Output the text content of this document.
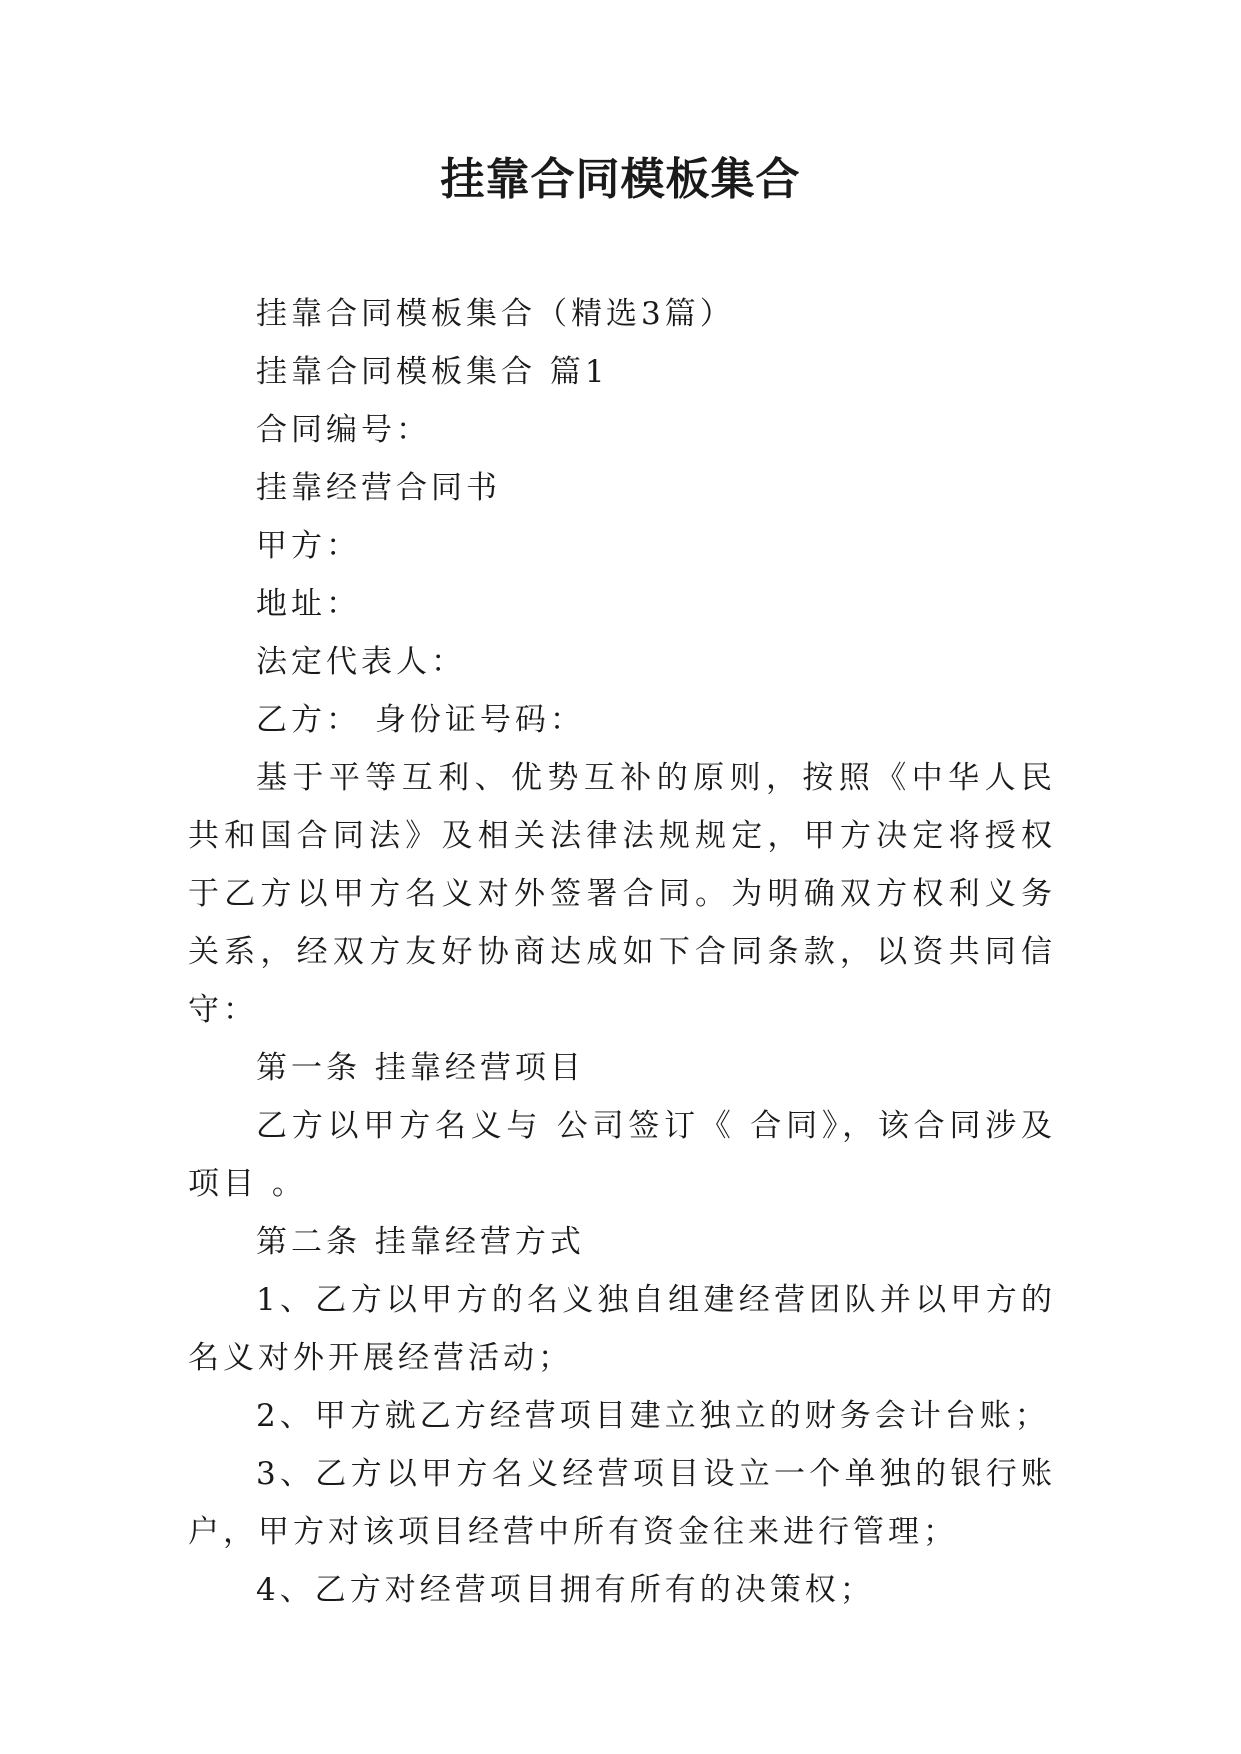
挂靠合同模板集合

挂靠合同模板集合（精选3篇）

挂靠合同模板集合 篇1

合同编号：

挂靠经营合同书

甲方：

地址：

法定代表人：

乙方： 身份证号码：

基于平等互利、优势互补的原则，按照《中华人民共和国合同法》及相关法律法规规定，甲方决定将授权于乙方以甲方名义对外签署合同。为明确双方权利义务关系，经双方友好协商达成如下合同条款，以资共同信守：

第一条 挂靠经营项目

乙方以甲方名义与 公司签订《 合同》，该合同涉及项目 。

第二条 挂靠经营方式

1、乙方以甲方的名义独自组建经营团队并以甲方的名义对外开展经营活动；

2、甲方就乙方经营项目建立独立的财务会计台账；

3、乙方以甲方名义经营项目设立一个单独的银行账户，甲方对该项目经营中所有资金往来进行管理；

4、乙方对经营项目拥有所有的决策权；
